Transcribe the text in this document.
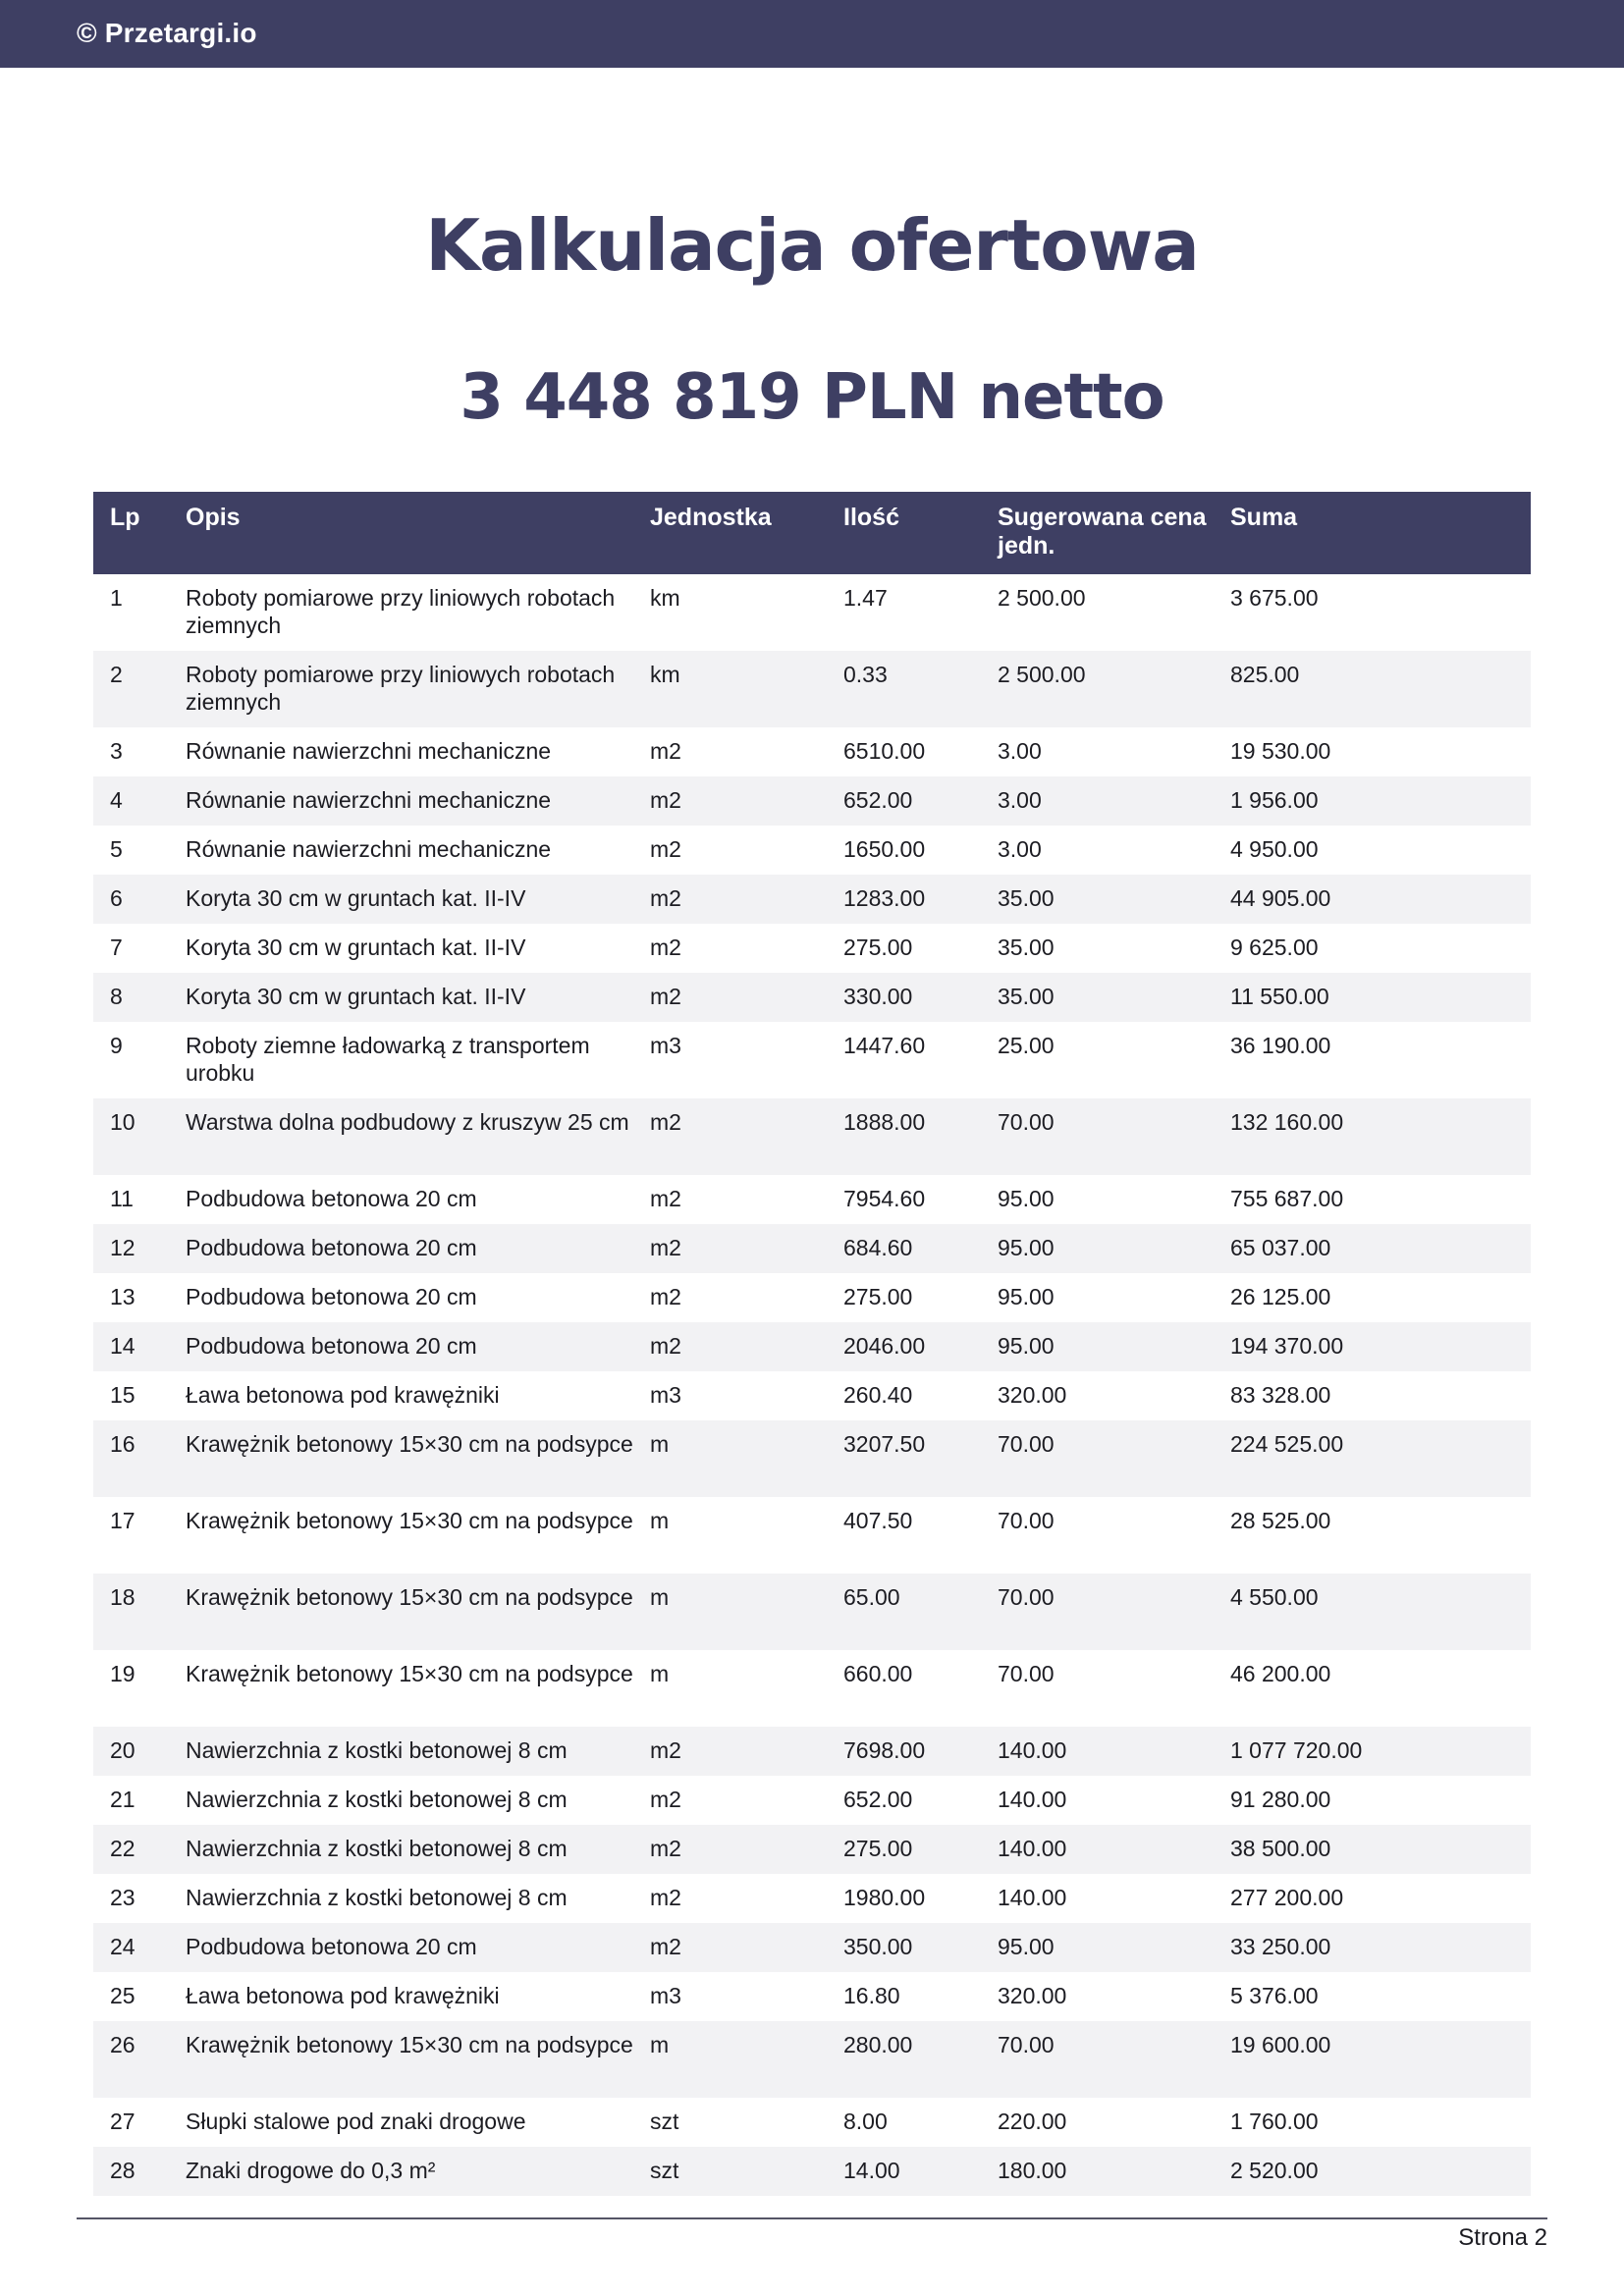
© Przetargi.io
Kalkulacja ofertowa
3 448 819 PLN netto
Lp	Opis	Jednostka	Ilość	Sugerowana cena jedn.	Suma
1	Roboty pomiarowe przy liniowych robotach ziemnych	km	1.47	2 500.00	3 675.00
2	Roboty pomiarowe przy liniowych robotach ziemnych	km	0.33	2 500.00	825.00
3	Równanie nawierzchni mechaniczne	m2	6510.00	3.00	19 530.00
4	Równanie nawierzchni mechaniczne	m2	652.00	3.00	1 956.00
5	Równanie nawierzchni mechaniczne	m2	1650.00	3.00	4 950.00
6	Koryta 30 cm w gruntach kat. II-IV	m2	1283.00	35.00	44 905.00
7	Koryta 30 cm w gruntach kat. II-IV	m2	275.00	35.00	9 625.00
8	Koryta 30 cm w gruntach kat. II-IV	m2	330.00	35.00	11 550.00
9	Roboty ziemne ładowarką z transportem urobku	m3	1447.60	25.00	36 190.00
10	Warstwa dolna podbudowy z kruszyw 25 cm	m2	1888.00	70.00	132 160.00
11	Podbudowa betonowa 20 cm	m2	7954.60	95.00	755 687.00
12	Podbudowa betonowa 20 cm	m2	684.60	95.00	65 037.00
13	Podbudowa betonowa 20 cm	m2	275.00	95.00	26 125.00
14	Podbudowa betonowa 20 cm	m2	2046.00	95.00	194 370.00
15	Ława betonowa pod krawężniki	m3	260.40	320.00	83 328.00
16	Krawężnik betonowy 15×30 cm na podsypce	m	3207.50	70.00	224 525.00
17	Krawężnik betonowy 15×30 cm na podsypce	m	407.50	70.00	28 525.00
18	Krawężnik betonowy 15×30 cm na podsypce	m	65.00	70.00	4 550.00
19	Krawężnik betonowy 15×30 cm na podsypce	m	660.00	70.00	46 200.00
20	Nawierzchnia z kostki betonowej 8 cm	m2	7698.00	140.00	1 077 720.00
21	Nawierzchnia z kostki betonowej 8 cm	m2	652.00	140.00	91 280.00
22	Nawierzchnia z kostki betonowej 8 cm	m2	275.00	140.00	38 500.00
23	Nawierzchnia z kostki betonowej 8 cm	m2	1980.00	140.00	277 200.00
24	Podbudowa betonowa 20 cm	m2	350.00	95.00	33 250.00
25	Ława betonowa pod krawężniki	m3	16.80	320.00	5 376.00
26	Krawężnik betonowy 15×30 cm na podsypce	m	280.00	70.00	19 600.00
27	Słupki stalowe pod znaki drogowe	szt	8.00	220.00	1 760.00
28	Znaki drogowe do 0,3 m²	szt	14.00	180.00	2 520.00
Strona 2
